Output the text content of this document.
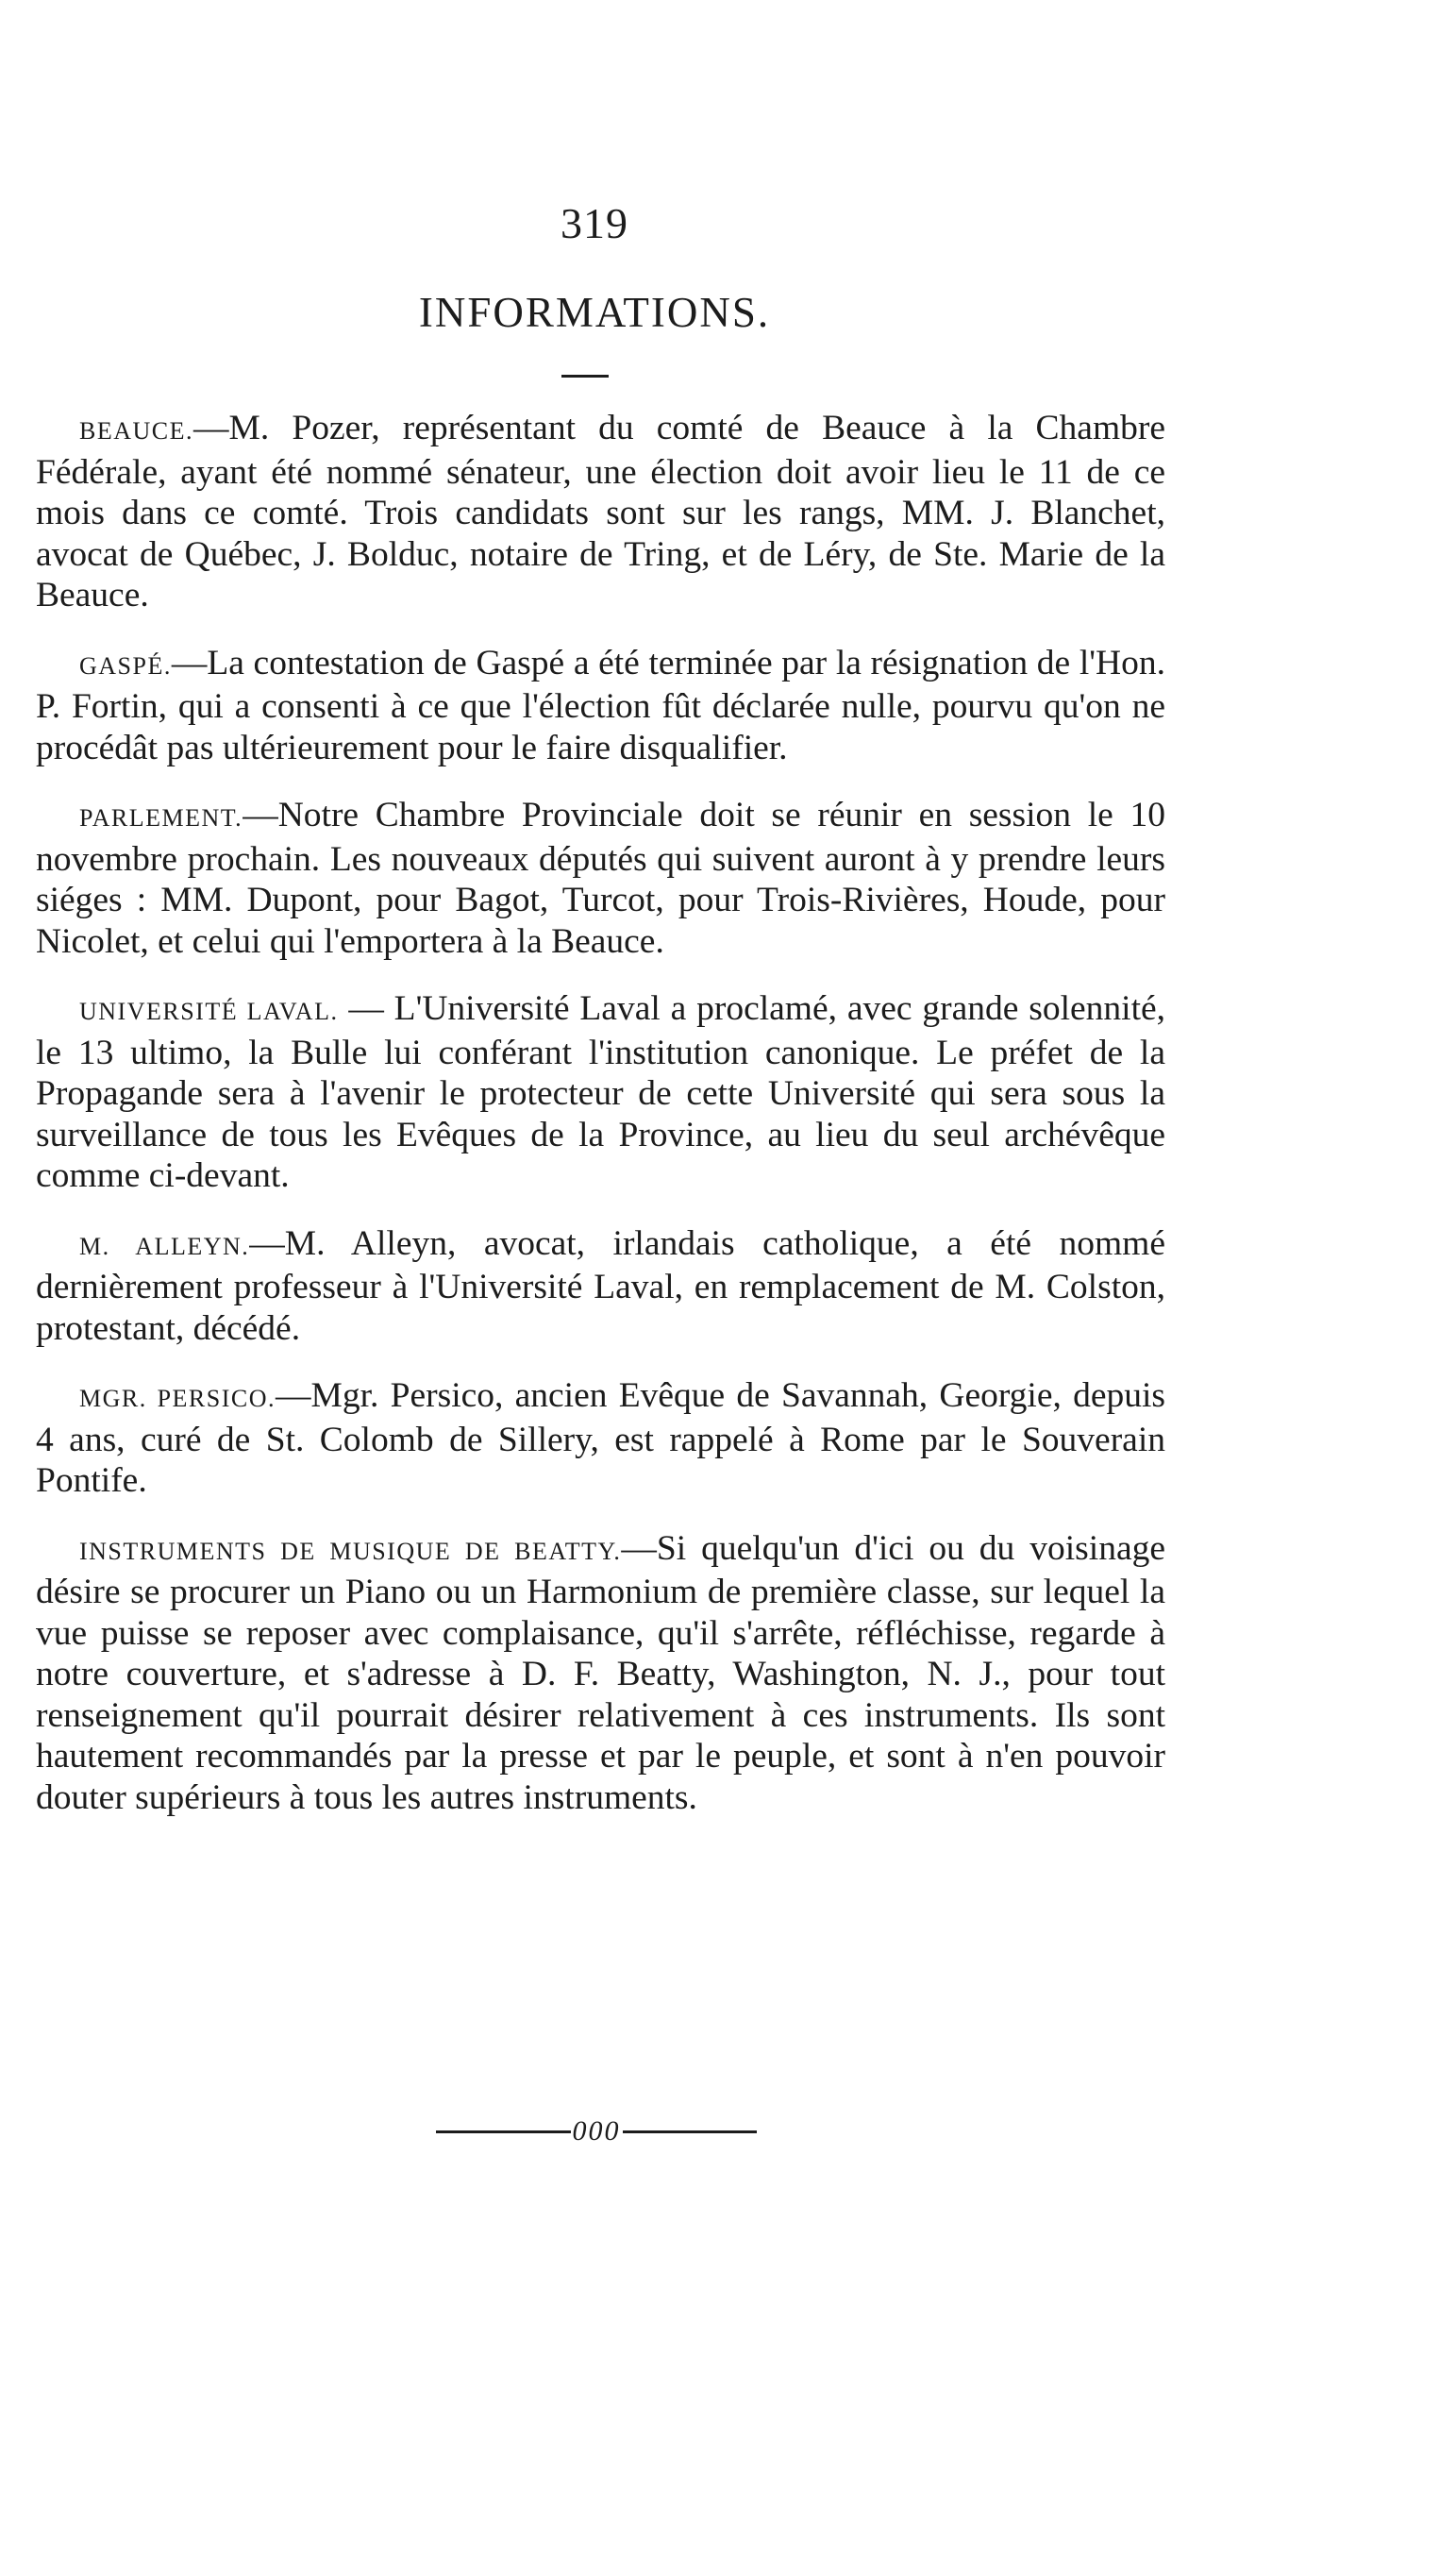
319
INFORMATIONS.

BEAUCE.—M. Pozer, représentant du comté de Beauce à la Chambre Fédérale, ayant été nommé sénateur, une élection doit avoir lieu le 11 de ce mois dans ce comté. Trois candidats sont sur les rangs, MM. J. Blanchet, avocat de Québec, J. Bolduc, notaire de Tring, et de Léry, de Ste. Marie de la Beauce.

GASPÉ.—La contestation de Gaspé a été terminée par la résignation de l'Hon. P. Fortin, qui a consenti à ce que l'élection fût déclarée nulle, pourvu qu'on ne procédât pas ultérieurement pour le faire disqualifier.

PARLEMENT.—Notre Chambre Provinciale doit se réunir en session le 10 novembre prochain. Les nouveaux députés qui suivent auront à y prendre leurs siéges : MM. Dupont, pour Bagot, Turcot, pour Trois-Rivières, Houde, pour Nicolet, et celui qui l'emportera à la Beauce.

UNIVERSITÉ LAVAL. — L'Université Laval a proclamé, avec grande solennité, le 13 ultimo, la Bulle lui conférant l'institution canonique. Le préfet de la Propagande sera à l'avenir le protecteur de cette Université qui sera sous la surveillance de tous les Evêques de la Province, au lieu du seul archévêque comme ci-devant.

M. ALLEYN.—M. Alleyn, avocat, irlandais catholique, a été nommé dernièrement professeur à l'Université Laval, en remplacement de M. Colston, protestant, décédé.

MGR. PERSICO.—Mgr. Persico, ancien Evêque de Savannah, Georgie, depuis 4 ans, curé de St. Colomb de Sillery, est rappelé à Rome par le Souverain Pontife.

INSTRUMENTS DE MUSIQUE DE BEATTY.—Si quelqu'un d'ici ou du voisinage désire se procurer un Piano ou un Harmonium de première classe, sur lequel la vue puisse se reposer avec complaisance, qu'il s'arrête, réfléchisse, regarde à notre couverture, et s'adresse à D. F. Beatty, Washington, N. J., pour tout renseignement qu'il pourrait désirer relativement à ces instruments. Ils sont hautement recommandés par la presse et par le peuple, et sont à n'en pouvoir douter supérieurs à tous les autres instruments.

000
